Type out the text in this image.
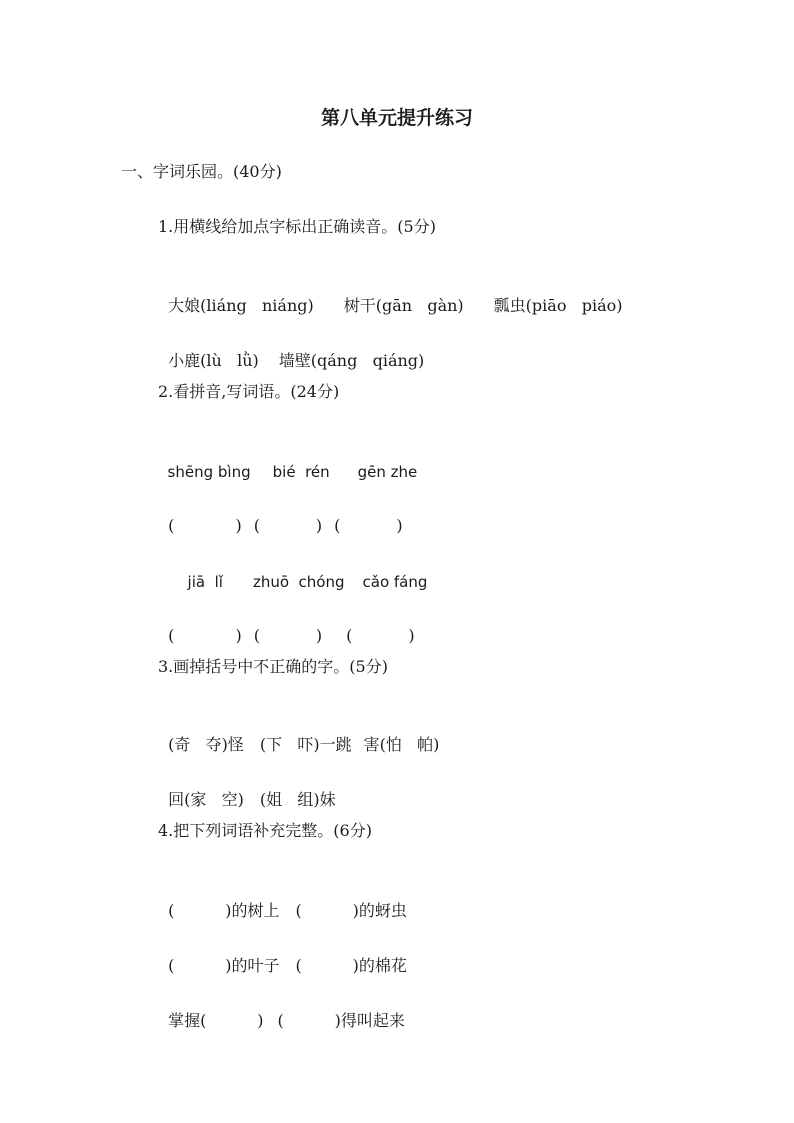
第八单元提升练习
一、字词乐园。(40分)
1.用横线给加点字标出正确读音。(5分)

大娘(liáng   niáng) 树干(gān   gàn) 瓢虫(piāo   piáo)

小鹿(lù   lǜ) 墙壁(qáng   qiáng)

2.看拼音,写词语。(24分)

shēng bìng bié  rén gēn zhe

(            ) (           ) (           )

jiā  lǐ zhuō  chóng cǎo fáng

(            ) (           ) (           )

3.画掉括号中不正确的字。(5分)

(奇   夺)怪 (下   吓)一跳 害(怕   帕)

回(家   空) (姐   组)妹

4.把下列词语补充完整。(6分)

(          )的树上 (          )的蚜虫

(          )的叶子 (          )的棉花

掌握(          ) (          )得叫起来
